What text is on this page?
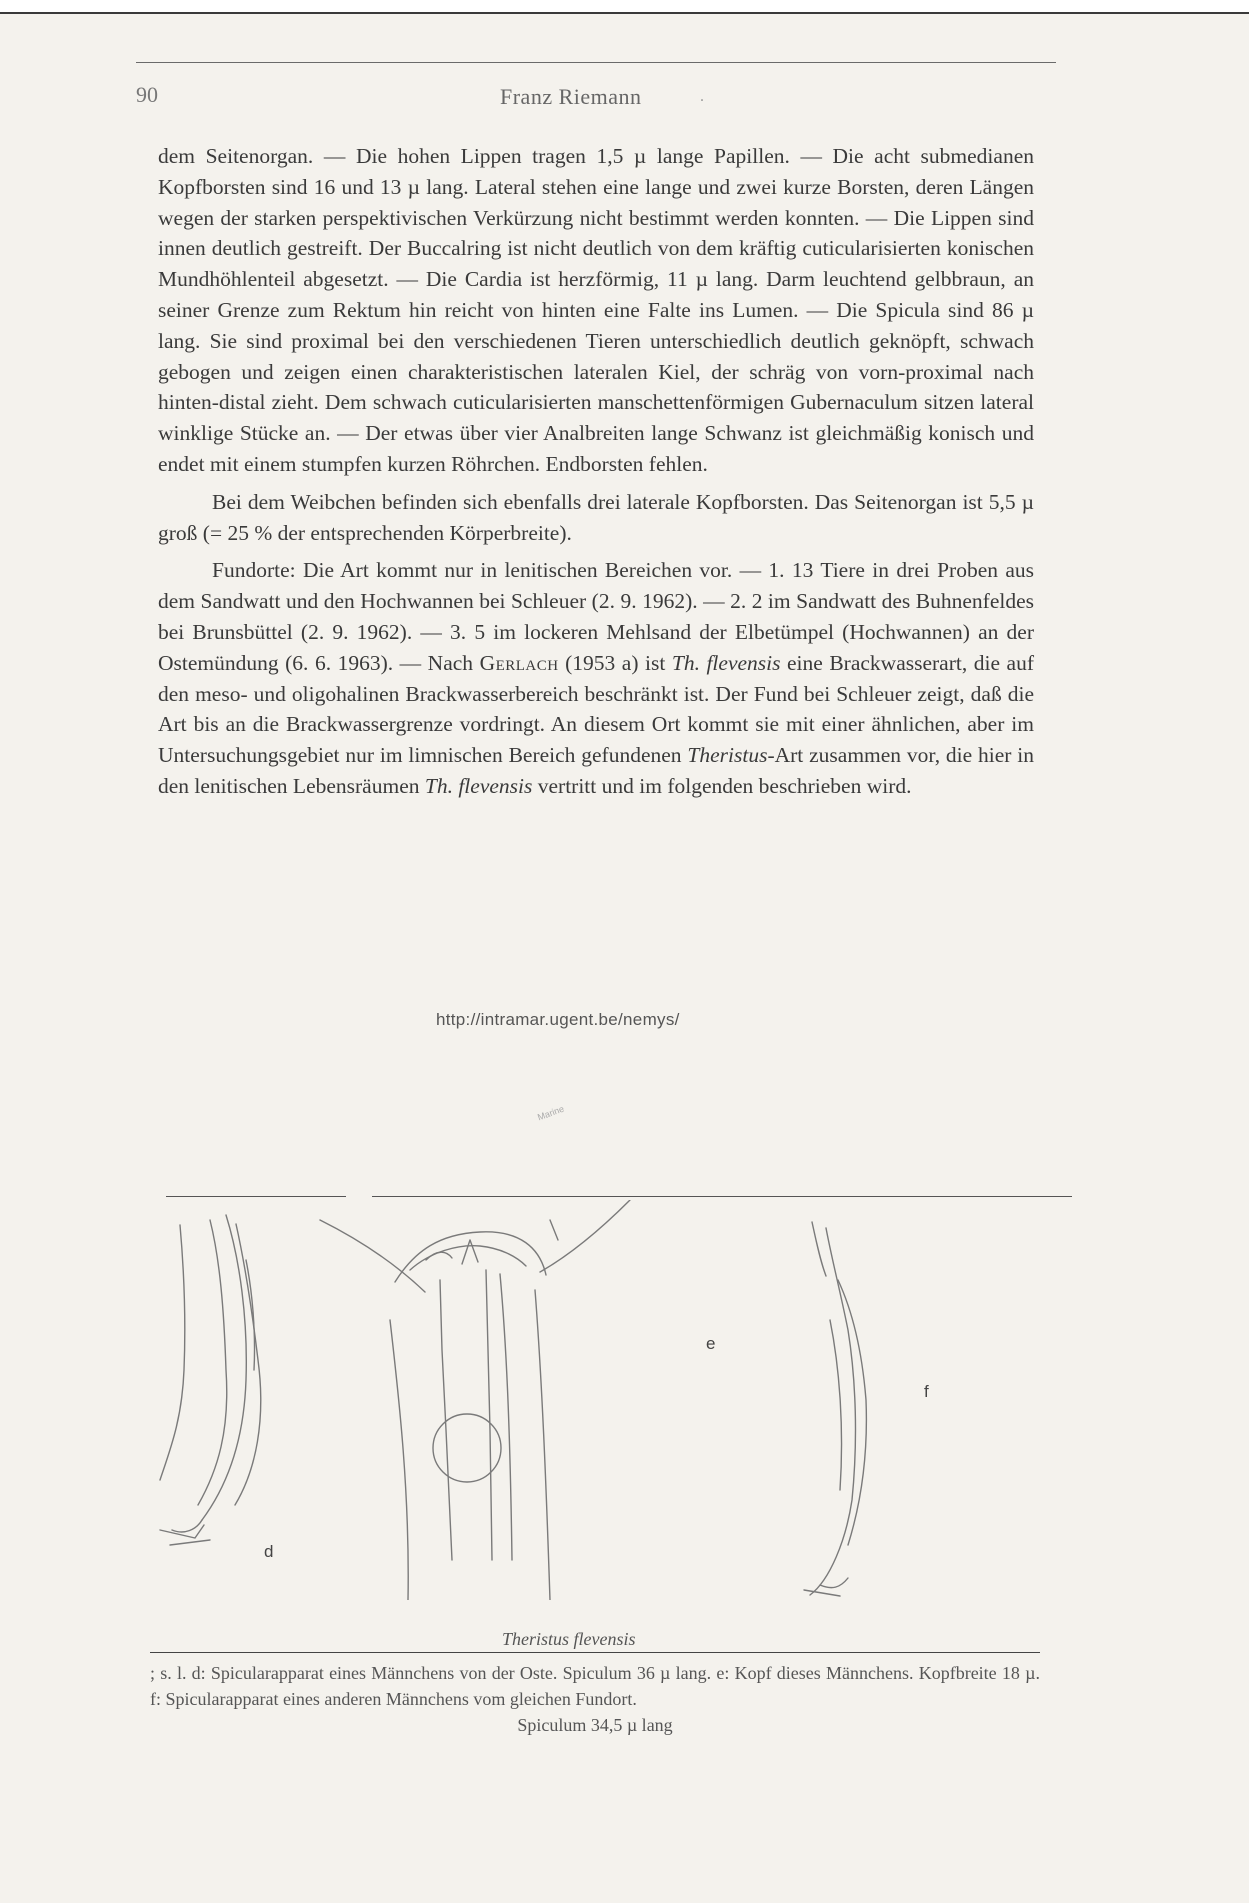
90	Franz Riemann	.

dem Seitenorgan. — Die hohen Lippen tragen 1,5 µ lange Papillen. — Die acht submedianen Kopfborsten sind 16 und 13 µ lang. Lateral stehen eine lange und zwei kurze Borsten, deren Längen wegen der starken perspektivischen Verkürzung nicht bestimmt werden konnten. — Die Lippen sind innen deutlich gestreift. Der Buccalring ist nicht deutlich von dem kräftig cuticularisierten konischen Mundhöhlenteil abgesetzt. — Die Cardia ist herzförmig, 11 µ lang. Darm leuchtend gelbbraun, an seiner Grenze zum Rektum hin reicht von hinten eine Falte ins Lumen. — Die Spicula sind 86 µ lang. Sie sind proximal bei den verschiedenen Tieren unterschiedlich deutlich geknöpft, schwach gebogen und zeigen einen charakteristischen lateralen Kiel, der schräg von vorn-proximal nach hinten-distal zieht. Dem schwach cuticularisierten manschettenförmigen Gubernaculum sitzen lateral winklige Stücke an. — Der etwas über vier Analbreiten lange Schwanz ist gleichmäßig konisch und endet mit einem stumpfen kurzen Röhrchen. Endborsten fehlen.

Bei dem Weibchen befinden sich ebenfalls drei laterale Kopfborsten. Das Seitenorgan ist 5,5 µ groß (= 25 % der entsprechenden Körperbreite).

Fundorte: Die Art kommt nur in lenitischen Bereichen vor. — 1. 13 Tiere in drei Proben aus dem Sandwatt und den Hochwannen bei Schleuer (2. 9. 1962). — 2. 2 im Sandwatt des Buhnenfeldes bei Brunsbüttel (2. 9. 1962). — 3. 5 im lockeren Mehlsand der Elbetümpel (Hochwannen) an der Ostemündung (6. 6. 1963). — Nach Gerlach (1953 a) ist Th. flevensis eine Brackwasserart, die auf den meso- und oligohalinen Brackwasserbereich beschränkt ist. Der Fund bei Schleuer zeigt, daß die Art bis an die Brackwassergrenze vordringt. An diesem Ort kommt sie mit einer ähnlichen, aber im Untersuchungsgebiet nur im limnischen Bereich gefundenen Theristus-Art zusammen vor, die hier in den lenitischen Lebensräumen Th. flevensis vertritt und im folgenden beschrieben wird.

d
e
f
Marine
http://intramar.ugent.be/nemys/
Theristus flevensis
; s. l. d: Spicularapparat eines Männchens von der Oste. Spiculum 36 µ lang. e: Kopf dieses Männchens. Kopfbreite 18 µ. f: Spicularapparat eines anderen Männchens vom gleichen Fundort.
Spiculum 34,5 µ lang
